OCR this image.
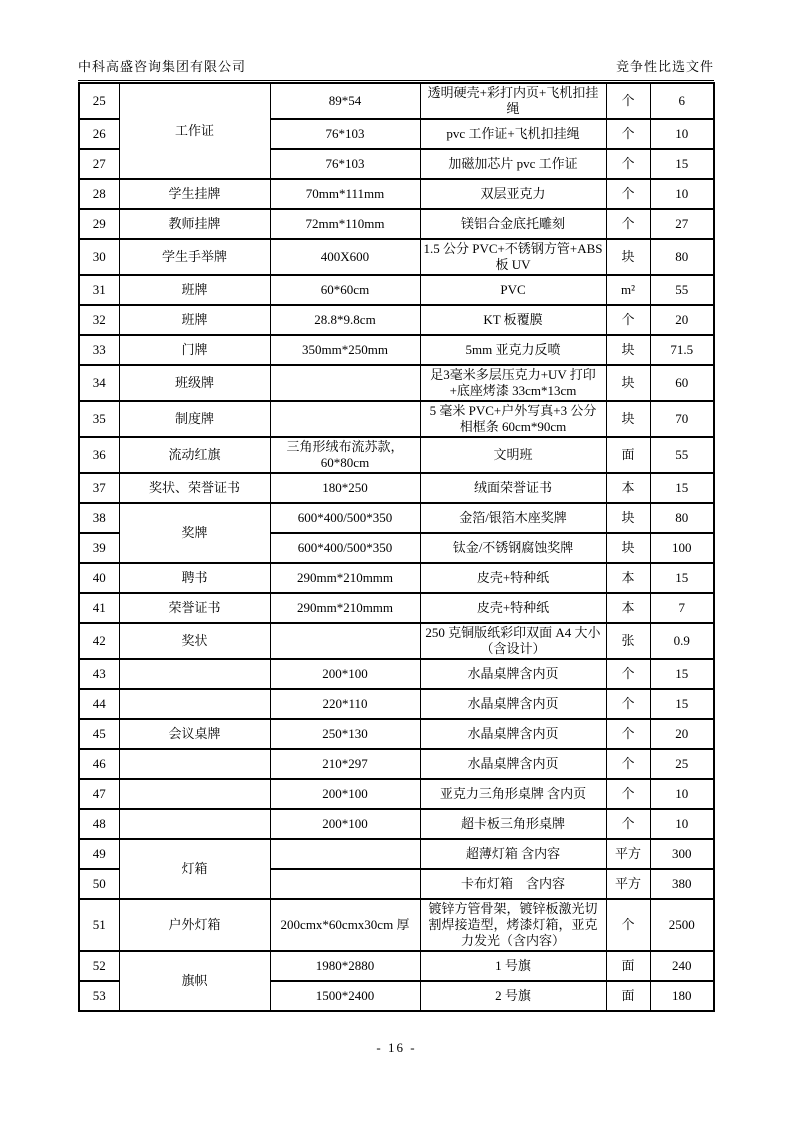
中科高盛咨询集团有限公司	竞争性比选文件
25	工作证	89*54	透明硬壳+彩打内页+飞机扣挂绳	个	6
26		76*103	pvc 工作证+飞机扣挂绳	个	10
27		76*103	加磁加芯片 pvc 工作证	个	15
28	学生挂牌	70mm*111mm	双层亚克力	个	10
29	教师挂牌	72mm*110mm	镁铝合金底托雕刻	个	27
30	学生手举牌	400X600	1.5 公分 PVC+不锈钢方管+ABS 板 UV	块	80
31	班牌	60*60cm	PVC	m²	55
32	班牌	28.8*9.8cm	KT 板覆膜	个	20
33	门牌	350mm*250mm	5mm 亚克力反喷	块	71.5
34	班级牌		足3毫米多层压克力+UV 打印+底座烤漆 33cm*13cm	块	60
35	制度牌		5 毫米 PVC+户外写真+3 公分相框条 60cm*90cm	块	70
36	流动红旗	三角形绒布流苏款，60*80cm	文明班	面	55
37	奖状、荣誉证书	180*250	绒面荣誉证书	本	15
38	奖牌	600*400/500*350	金箔/银箔木座奖牌	块	80
39		600*400/500*350	钛金/不锈钢腐蚀奖牌	块	100
40	聘书	290mm*210mmm	皮壳+特种纸	本	15
41	荣誉证书	290mm*210mmm	皮壳+特种纸	本	7
42	奖状		250 克铜版纸彩印双面 A4 大小（含设计）	张	0.9
43		200*100	水晶桌牌含内页	个	15
44		220*110	水晶桌牌含内页	个	15
45	会议桌牌	250*130	水晶桌牌含内页	个	20
46		210*297	水晶桌牌含内页	个	25
47		200*100	亚克力三角形桌牌 含内页	个	10
48		200*100	超卡板三角形桌牌	个	10
49	灯箱		超薄灯箱 含内容	平方	300
50			卡布灯箱　含内容	平方	380
51	户外灯箱	200cmx*60cmx30cm 厚	镀锌方管骨架，镀锌板激光切割焊接造型，烤漆灯箱，亚克力发光（含内容）	个	2500
52	旗帜	1980*2880	1 号旗	面	240
53		1500*2400	2 号旗	面	180
- 16 -
